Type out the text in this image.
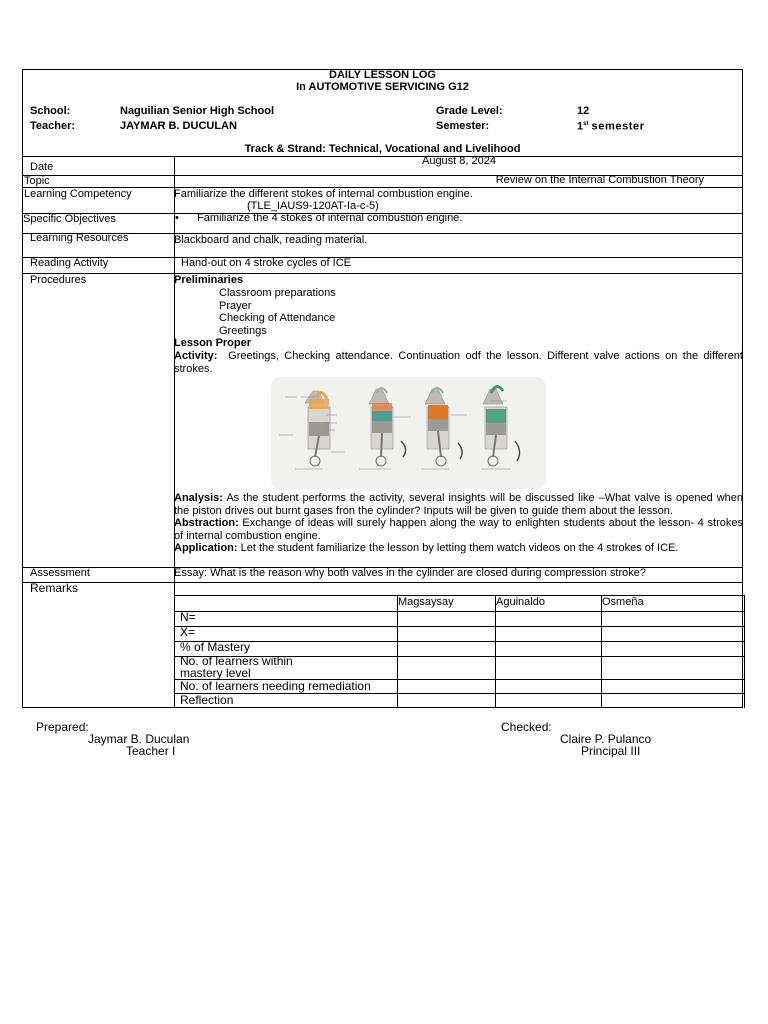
DAILY LESSON LOG
In AUTOMOTIVE SERVICING G12
School:	Naguilian Senior High School	Grade Level:	12
Teacher:	JAYMAR B. DUCULAN	Semester:	1st semester
Track & Strand: Technical, Vocational and Livelihood
Date	August 8, 2024
Topic	Review on the Internal Combustion Theory
Learning Competency	Familiarize the different stokes of internal combustion engine.
(TLE_IAUS9-120AT-Ia-c-5)
Specific Objectives	• Familiarize the 4 stokes of internal combustion engine.
Learning Resources	Blackboard and chalk, reading material.
Reading Activity	Hand-out on 4 stroke cycles of ICE
Procedures	Preliminaries
Classroom preparations
Prayer
Checking of Attendance
Greetings
Lesson Proper
Activity: Greetings, Checking attendance. Continuation odf the lesson. Different valve actions on the different strokes.
Analysis: As the student performs the activity, several insights will be discussed like –What valve is opened when the piston drives out burnt gases fron the cylinder? Inputs will be given to guide them about the lesson.
Abstraction: Exchange of ideas will surely happen along the way to enlighten students about the lesson- 4 strokes of internal combustion engine.
Application: Let the student familiarize the lesson by letting them watch videos on the 4 strokes of ICE.
Assessment	Essay: What is the reason why both valves in the cylinder are closed during compression stroke?
Remarks
Magsaysay	Aguinaldo	Osmeña
N=
X=
% of Mastery
No. of learners within mastery level
No. of learners needing remediation
Reflection
Prepared:
Jaymar B. Duculan
Teacher I
Checked:
Claire P. Pulanco
Principal III
